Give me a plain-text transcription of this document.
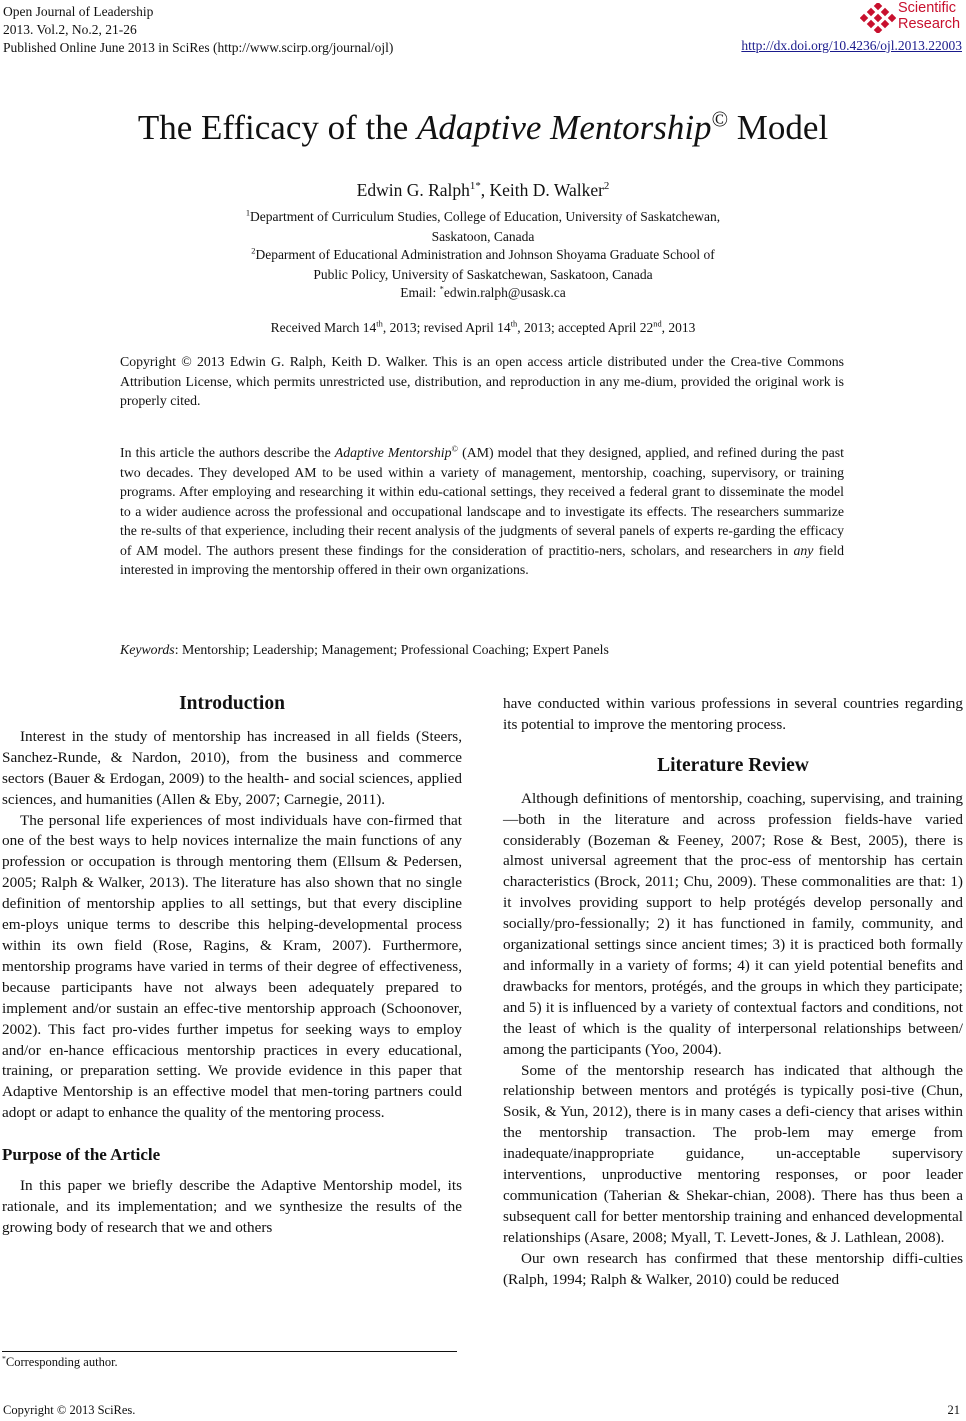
Open Journal of Leadership
2013. Vol.2, No.2, 21-26
Published Online June 2013 in SciRes (http://www.scirp.org/journal/ojl)	http://dx.doi.org/10.4236/ojl.2013.22003
Scientific
Research
The Efficacy of the Adaptive Mentorship© Model
Edwin G. Ralph$^{1*}$, Keith D. Walker$^2$
$^1$Department of Curriculum Studies, College of Education, University of Saskatchewan,
Saskatoon, Canada
$^2$Deparment of Educational Administration and Johnson Shoyama Graduate School of
Public Policy, University of Saskatchewan, Saskatoon, Canada
Email: *edwin.ralph@usask.ca
Received March 14th, 2013; revised April 14th, 2013; accepted April 22nd, 2013
Copyright © 2013 Edwin G. Ralph, Keith D. Walker. This is an open access article distributed under the Crea-tive Commons Attribution License, which permits unrestricted use, distribution, and reproduction in any me-dium, provided the original work is properly cited.
In this article the authors describe the Adaptive Mentorship© (AM) model that they designed, applied, and refined during the past two decades. They developed AM to be used within a variety of management, mentorship, coaching, supervisory, or training programs. After employing and researching it within edu-cational settings, they received a federal grant to disseminate the model to a wider audience across the professional and occupational landscape and to investigate its effects. The researchers summarize the re-sults of that experience, including their recent analysis of the judgments of several panels of experts re-garding the efficacy of AM model. The authors present these findings for the consideration of practitio-ners, scholars, and researchers in any field interested in improving the mentorship offered in their own organizations.
Keywords: Mentorship; Leadership; Management; Professional Coaching; Expert Panels
Introduction

Interest in the study of mentorship has increased in all fields (Steers, Sanchez-Runde, & Nardon, 2010), from the business and commerce sectors (Bauer & Erdogan, 2009) to the health- and social sciences, applied sciences, and humanities (Allen & Eby, 2007; Carnegie, 2011).

The personal life experiences of most individuals have con-firmed that one of the best ways to help novices internalize the main functions of any profession or occupation is through mentoring them (Ellsum & Pedersen, 2005; Ralph & Walker, 2013). The literature has also shown that no single definition of mentorship applies to all settings, but that every discipline em-ploys unique terms to describe this helping-developmental process within its own field (Rose, Ragins, & Kram, 2007). Furthermore, mentorship programs have varied in terms of their degree of effectiveness, because participants have not always been adequately prepared to implement and/or sustain an effec-tive mentorship approach (Schoonover, 2002). This fact pro-vides further impetus for seeking ways to employ and/or en-hance efficacious mentorship practices in every educational, training, or preparation setting. We provide evidence in this paper that Adaptive Mentorship is an effective model that men-toring partners could adopt or adapt to enhance the quality of the mentoring process.

Purpose of the Article

In this paper we briefly describe the Adaptive Mentorship model, its rationale, and its implementation; and we synthesize the results of the growing body of research that we and others

*Corresponding author.

have conducted within various professions in several countries regarding its potential to improve the mentoring process.

Literature Review

Although definitions of mentorship, coaching, supervising, and training—both in the literature and across profession fields-have varied considerably (Bozeman & Feeney, 2007; Rose & Best, 2005), there is almost universal agreement that the proc-ess of mentorship has certain characteristics (Brock, 2011; Chu, 2009). These commonalities are that: 1) it involves providing support to help protégés develop personally and socially/pro-fessionally; 2) it has functioned in family, community, and organizational settings since ancient times; 3) it is practiced both formally and informally in a variety of forms; 4) it can yield potential benefits and drawbacks for mentors, protégés, and the groups in which they participate; and 5) it is influenced by a variety of contextual factors and conditions, not the least of which is the quality of interpersonal relationships between/ among the participants (Yoo, 2004).

Some of the mentorship research has indicated that although the relationship between mentors and protégés is typically posi-tive (Chun, Sosik, & Yun, 2012), there is in many cases a defi-ciency that arises within the mentorship transaction. The prob-lem may emerge from inadequate/inappropriate guidance, un-acceptable supervisory interventions, unproductive mentoring responses, or poor leader communication (Taherian & Shekar-chian, 2008). There has thus been a subsequent call for better mentorship training and enhanced developmental relationships (Asare, 2008; Myall, T. Levett-Jones, & J. Lathlean, 2008).

Our own research has confirmed that these mentorship diffi-culties (Ralph, 1994; Ralph & Walker, 2010) could be reduced

Copyright © 2013 SciRes.	21
